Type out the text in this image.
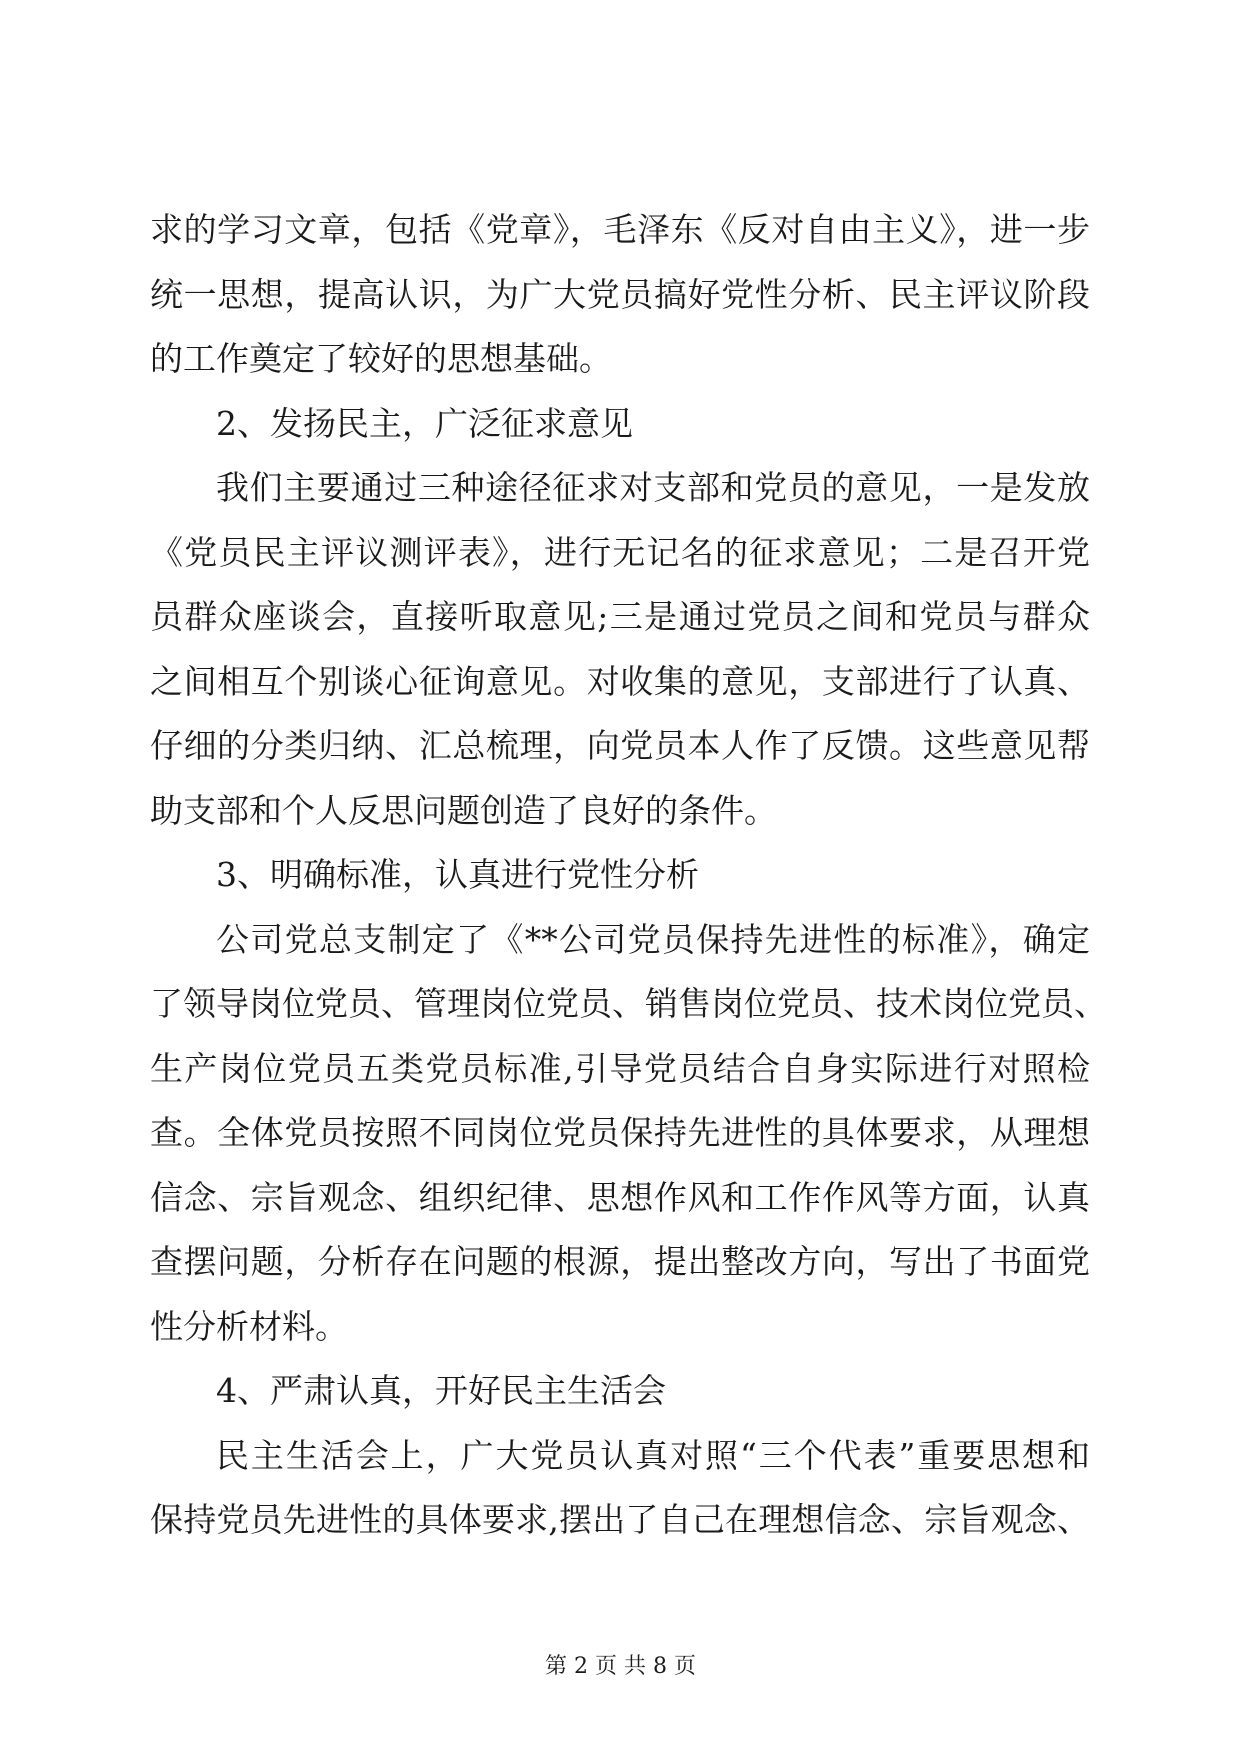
求的学习文章，包括《党章》，毛泽东《反对自由主义》，进一步
统一思想，提高认识，为广大党员搞好党性分析、民主评议阶段
的工作奠定了较好的思想基础。
2、发扬民主，广泛征求意见
我们主要通过三种途径征求对支部和党员的意见，一是发放
《党员民主评议测评表》，进行无记名的征求意见；二是召开党
员群众座谈会，直接听取意见;三是通过党员之间和党员与群众
之间相互个别谈心征询意见。对收集的意见，支部进行了认真、
仔细的分类归纳、汇总梳理，向党员本人作了反馈。这些意见帮
助支部和个人反思问题创造了良好的条件。
3、明确标准，认真进行党性分析
公司党总支制定了《**公司党员保持先进性的标准》，确定
了领导岗位党员、管理岗位党员、销售岗位党员、技术岗位党员、
生产岗位党员五类党员标准,引导党员结合自身实际进行对照检
查。全体党员按照不同岗位党员保持先进性的具体要求，从理想
信念、宗旨观念、组织纪律、思想作风和工作作风等方面，认真
查摆问题，分析存在问题的根源，提出整改方向，写出了书面党
性分析材料。
4、严肃认真，开好民主生活会
民主生活会上，广大党员认真对照“三个代表”重要思想和
保持党员先进性的具体要求,摆出了自己在理想信念、宗旨观念、
第 2 页 共 8 页
